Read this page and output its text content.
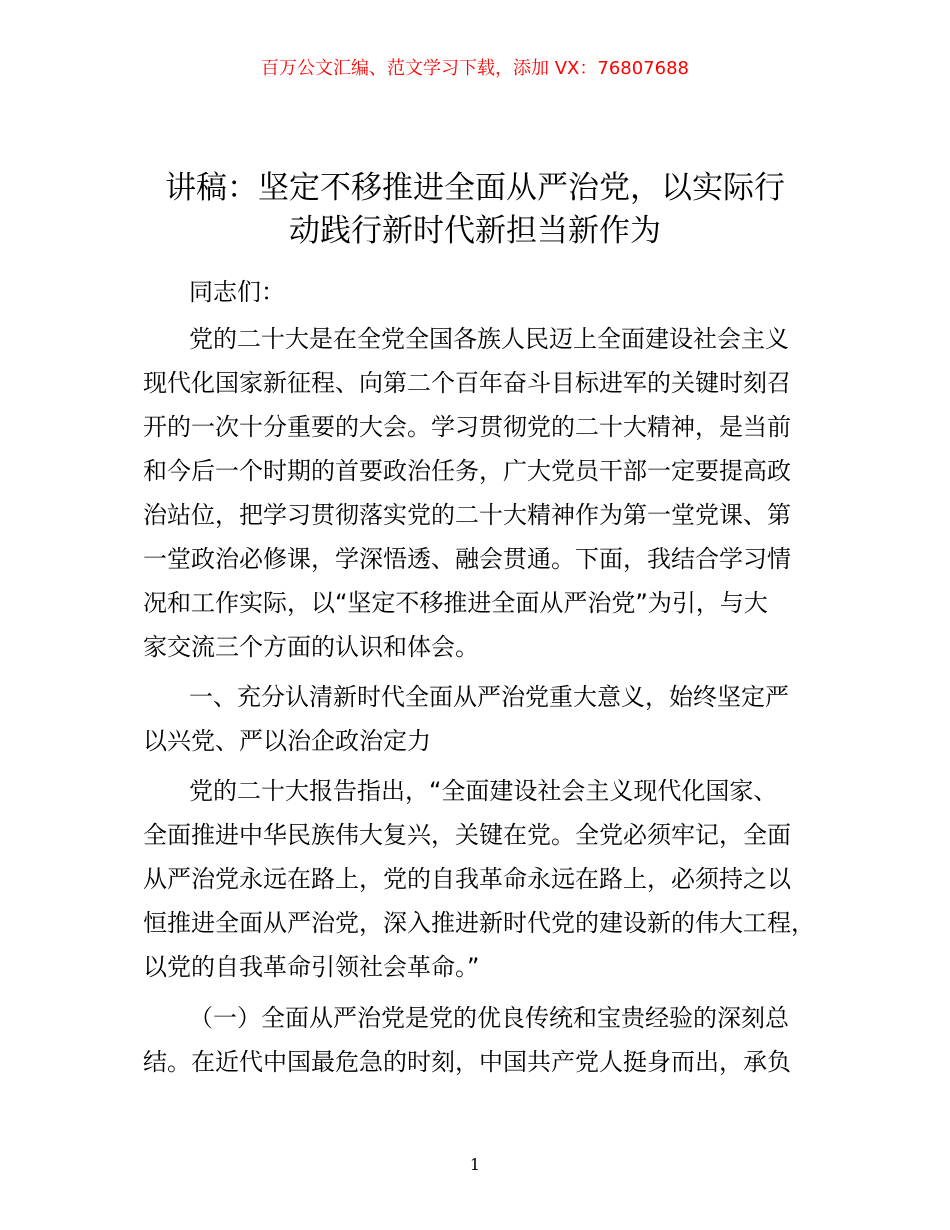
百万公文汇编、范文学习下载，添加 VX：76807688
讲稿：坚定不移推进全面从严治党，以实际行
动践行新时代新担当新作为
同志们：
党的二十大是在全党全国各族人民迈上全面建设社会主义
现代化国家新征程、向第二个百年奋斗目标进军的关键时刻召
开的一次十分重要的大会。学习贯彻党的二十大精神，是当前
和今后一个时期的首要政治任务，广大党员干部一定要提高政
治站位，把学习贯彻落实党的二十大精神作为第一堂党课、第
一堂政治必修课，学深悟透、融会贯通。下面，我结合学习情
况和工作实际，以“坚定不移推进全面从严治党”为引，与大
家交流三个方面的认识和体会。
一、充分认清新时代全面从严治党重大意义，始终坚定严
以兴党、严以治企政治定力
党的二十大报告指出，“全面建设社会主义现代化国家、
全面推进中华民族伟大复兴，关键在党。全党必须牢记，全面
从严治党永远在路上，党的自我革命永远在路上，必须持之以
恒推进全面从严治党，深入推进新时代党的建设新的伟大工程，
以党的自我革命引领社会革命。”
（一）全面从严治党是党的优良传统和宝贵经验的深刻总
结。在近代中国最危急的时刻，中国共产党人挺身而出，承负
1
